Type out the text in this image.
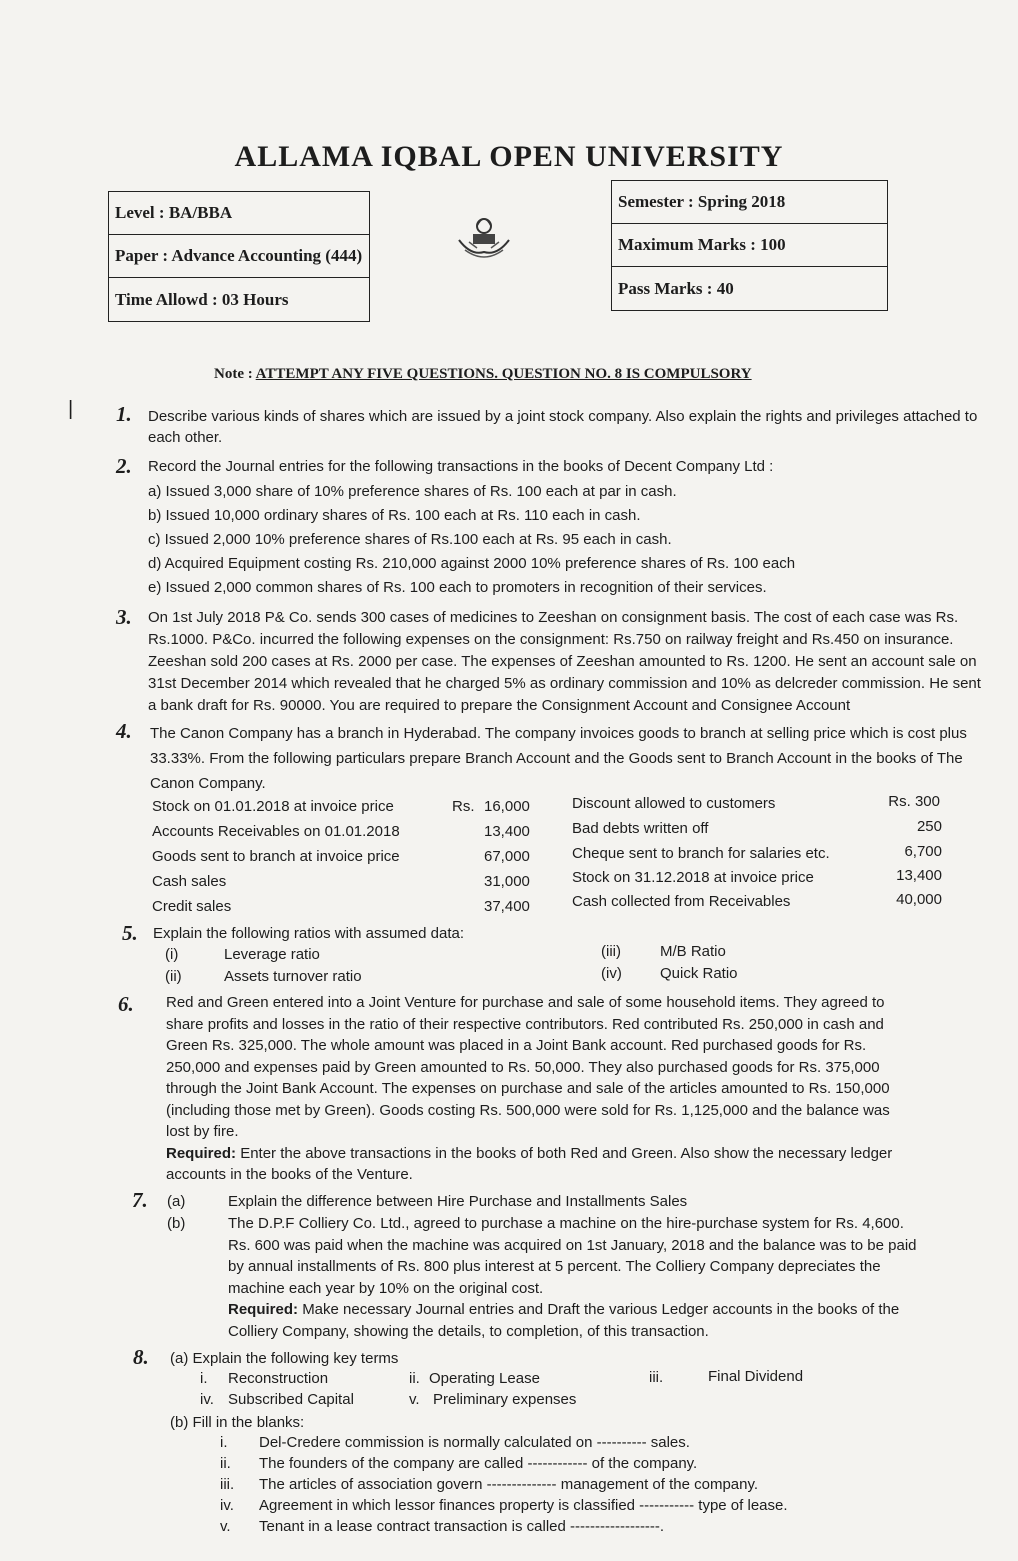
ALLAMA IQBAL OPEN UNIVERSITY
Level : BA/BBA
Paper : Advance Accounting (444)
Time Allowd : 03 Hours
Semester : Spring 2018
Maximum Marks : 100
Pass Marks : 40
Note : ATTEMPT ANY FIVE QUESTIONS. QUESTION NO. 8 IS COMPULSORY
| 1. Describe various kinds of shares which are issued by a joint stock company. Also explain the rights and privileges attached to
each other.
2. Record the Journal entries for the following transactions in the books of Decent Company Ltd :
a) Issued 3,000 share of 10% preference shares of Rs. 100 each at par in cash.
b) Issued 10,000 ordinary shares of Rs. 100 each at Rs. 110 each in cash.
c) Issued 2,000 10% preference shares of Rs.100 each at Rs. 95 each in cash.
d) Acquired Equipment costing Rs. 210,000 against 2000 10% preference shares of Rs. 100 each
e) Issued 2,000 common shares of Rs. 100 each to promoters in recognition of their services.
3. On 1st July 2018 P& Co. sends 300 cases of medicines to Zeeshan on consignment basis. The cost of each case was Rs.
Rs.1000. P&Co. incurred the following expenses on the consignment: Rs.750 on railway freight and Rs.450 on insurance.
Zeeshan sold 200 cases at Rs. 2000 per case. The expenses of Zeeshan amounted to Rs. 1200. He sent an account sale on
31st December 2014 which revealed that he charged 5% as ordinary commission and 10% as delcreder commission. He sent
a bank draft for Rs. 90000. You are required to prepare the Consignment Account and Consignee Account
4. The Canon Company has a branch in Hyderabad. The company invoices goods to branch at selling price which is cost plus
33.33%. From the following particulars prepare Branch Account and the Goods sent to Branch Account in the books of The
Canon Company.
Stock on 01.01.2018 at invoice price	Rs. 16,000
Accounts Receivables on 01.01.2018	13,400
Goods sent to branch at invoice price	67,000
Cash sales	31,000
Credit sales	37,400
Discount allowed to customers	Rs. 300
Bad debts written off	250
Cheque sent to branch for salaries etc.	6,700
Stock on 31.12.2018 at invoice price	13,400
Cash collected from Receivables	40,000
5. Explain the following ratios with assumed data:
(i)	Leverage ratio
(ii)	Assets turnover ratio
(iii)	M/B Ratio
(iv)	Quick Ratio
6. Red and Green entered into a Joint Venture for purchase and sale of some household items. They agreed to
share profits and losses in the ratio of their respective contributors. Red contributed Rs. 250,000 in cash and
Green Rs. 325,000. The whole amount was placed in a Joint Bank account. Red purchased goods for Rs.
250,000 and expenses paid by Green amounted to Rs. 50,000. They also purchased goods for Rs. 375,000
through the Joint Bank Account. The expenses on purchase and sale of the articles amounted to Rs. 150,000
(including those met by Green). Goods costing Rs. 500,000 were sold for Rs. 1,125,000 and the balance was
lost by fire.
Required: Enter the above transactions in the books of both Red and Green. Also show the necessary ledger
accounts in the books of the Venture.
7. (a)	Explain the difference between Hire Purchase and Installments Sales
(b)	The D.P.F Colliery Co. Ltd., agreed to purchase a machine on the hire-purchase system for Rs. 4,600.
Rs. 600 was paid when the machine was acquired on 1st January, 2018 and the balance was to be paid
by annual installments of Rs. 800 plus interest at 5 percent. The Colliery Company depreciates the
machine each year by 10% on the original cost.
Required: Make necessary Journal entries and Draft the various Ledger accounts in the books of the
Colliery Company, showing the details, to completion, of this transaction.
8. (a) Explain the following key terms
i. Reconstruction	ii. Operating Lease	iii.	Final Dividend
iv. Subscribed Capital	v. Preliminary expenses
(b) Fill in the blanks:
i. Del-Credere commission is normally calculated on ---------- sales.
ii. The founders of the company are called ------------ of the company.
iii. The articles of association govern -------------- management of the company.
iv. Agreement in which lessor finances property is classified ----------- type of lease.
v. Tenant in a lease contract transaction is called ------------------.
